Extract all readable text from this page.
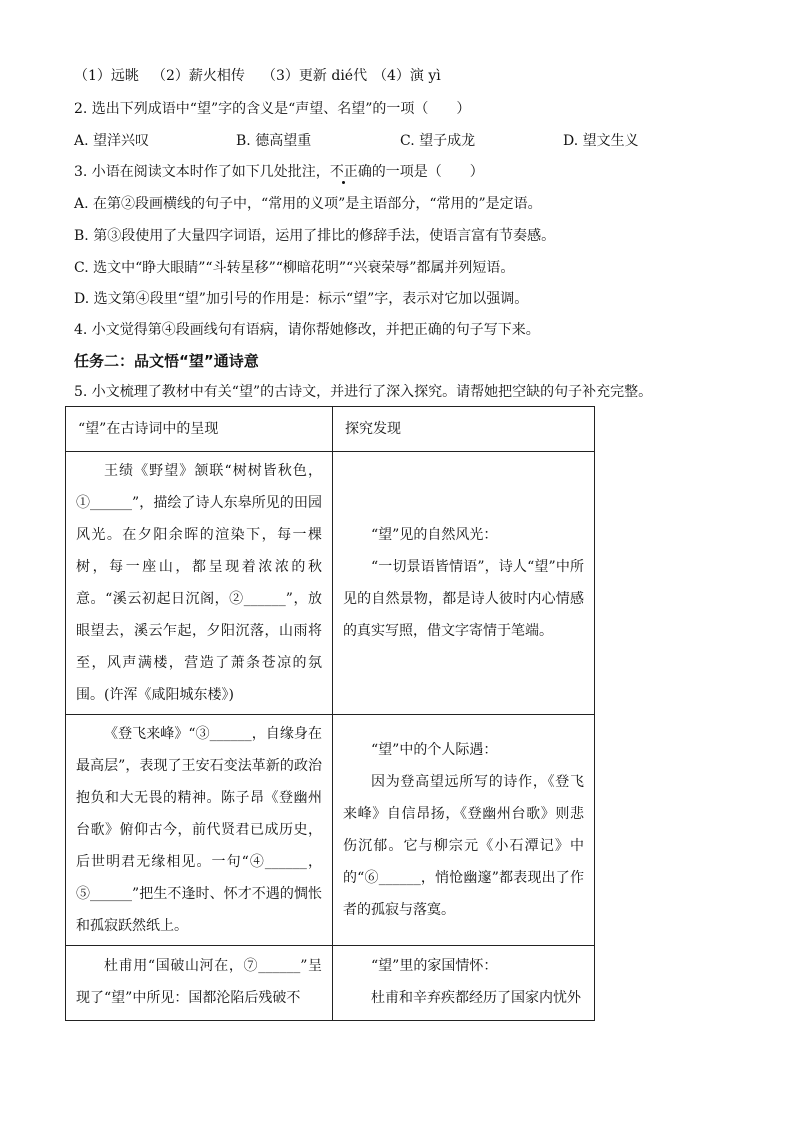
（1）远眺 （2）薪火相传 （3）更新 dié代 （4）演 yì
2. 选出下列成语中“望”字的含义是“声望、名望”的一项（　　）
A. 望洋兴叹	B. 德高望重	C. 望子成龙	D. 望文生义
3. 小语在阅读文本时作了如下几处批注，不正确的一项是（　　）
A. 在第②段画横线的句子中，“常用的义项”是主语部分，“常用的”是定语。
B. 第③段使用了大量四字词语，运用了排比的修辞手法，使语言富有节奏感。
C. 选文中“睁大眼睛”“斗转星移”“柳暗花明”“兴衰荣辱”都属并列短语。
D. 选文第④段里“望”加引号的作用是：标示“望”字，表示对它加以强调。
4. 小文觉得第④段画线句有语病，请你帮她修改，并把正确的句子写下来。
任务二：品文悟“望”通诗意
5. 小文梳理了教材中有关“望”的古诗文，并进行了深入探究。请帮她把空缺的句子补充完整。
“望”在古诗词中的呈现	探究发现

王绩《野望》颔联“树树皆秋色，①______”，描绘了诗人东皋所见的田园风光。在夕阳余晖的渲染下，每一棵树，每一座山，都呈现着浓浓的秋意。“溪云初起日沉阁，②______”，放眼望去，溪云乍起，夕阳沉落，山雨将至，风声满楼，营造了萧条苍凉的氛围。(许浑《咸阳城东楼》)	“望”见的自然风光：
“一切景语皆情语”，诗人“望”中所见的自然景物，都是诗人彼时内心情感的真实写照，借文字寄情于笔端。

《登飞来峰》“③______，自缘身在最高层”，表现了王安石变法革新的政治抱负和大无畏的精神。陈子昂《登幽州台歌》俯仰古今，前代贤君已成历史，后世明君无缘相见。一句“④______，⑤______”把生不逢时、怀才不遇的惆怅和孤寂跃然纸上。	“望”中的个人际遇：
因为登高望远所写的诗作，《登飞来峰》自信昂扬，《登幽州台歌》则悲伤沉郁。它与柳宗元《小石潭记》中的“⑥______，悄怆幽邃”都表现出了作者的孤寂与落寞。

杜甫用“国破山河在，⑦______”呈现了“望”中所见：国都沦陷后残破不	“望”里的家国情怀：
杜甫和辛弃疾都经历了国家内忧外
